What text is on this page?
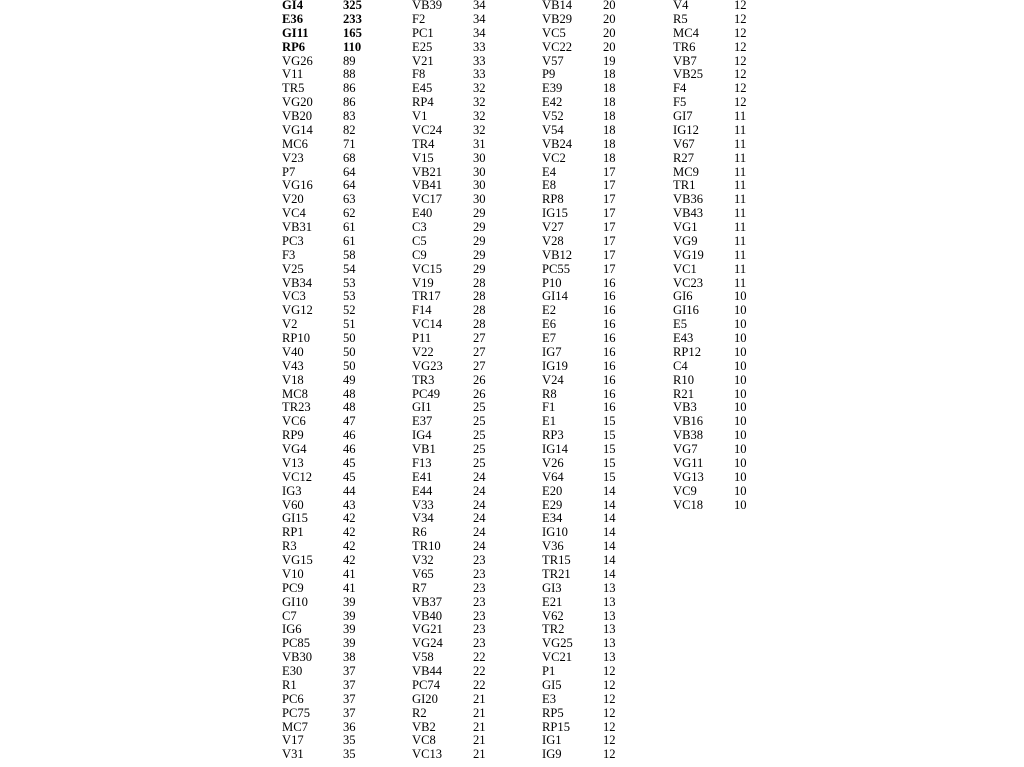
GI4	325
E36	233
GI11	165
RP6	110
VG26 89
V11	88
TR5	86
VG20 86
VB20 83
VG14 82
MC6	71
V23	68
P7	64
VG16 64
V20	63
VC4	62
VB31 61
PC3	61
F3	58
V25	54
VB34 53
VC3	53
VG12 52
V2	51
RP10	50
V40	50
V43	50
V18	49
MC8	48
TR23	48
VC6	47
RP9	46
VG4	46
V13	45
VC12 45
IG3	44
V60	43
GI15	42
RP1	42
R3	42
VG15 42
V10	41
PC9	41
GI10	39
C7	39
IG6	39
PC85	39
VB30 38
E30	37
R1	37
PC6	37
PC75	37
MC7	36
V17	35
V31	35
VB39 34
F2	34
PC1	34
E25	33
V21	33
F8	33
E45	32
RP4	32
V1	32
VC24 32
TR4	31
V15	30
VB21 30
VB41 30
VC17 30
E40	29
C3	29
C5	29
C9	29
VC15 29
V19	28
TR17	28
F14	28
VC14 28
P11	27
V22	27
VG23 27
TR3	26
PC49	26
GI1	25
E37	25
IG4	25
VB1	25
F13	25
E41	24
E44	24
V33	24
V34	24
R6	24
TR10	24
V32	23
V65	23
R7	23
VB37 23
VB40 23
VG21 23
VG24 23
V58	22
VB44 22
PC74	22
GI20	21
R2	21
VB2	21
VC8	21
VC13 21
VB14 20
VB29 20
VC5	20
VC22 20
V57	19
P9	18
E39	18
E42	18
V52	18
V54	18
VB24 18
VC2	18
E4	17
E8	17
RP8	17
IG15	17
V27	17
V28	17
VB12 17
PC55	17
P10	16
GI14	16
E2	16
E6	16
E7	16
IG7	16
IG19	16
V24	16
R8	16
F1	16
E1	15
RP3	15
IG14	15
V26	15
V64	15
E20	14
E29	14
E34	14
IG10	14
V36	14
TR15	14
TR21	14
GI3	13
E21	13
V62	13
TR2	13
VG25 13
VC21 13
P1	12
GI5	12
E3	12
RP5	12
RP15	12
IG1	12
IG9	12
V4	12
R5	12
MC4	12
TR6	12
VB7	12
VB25 12
F4	12
F5	12
GI7	11
IG12	11
V67	11
R27	11
MC9	11
TR1	11
VB36 11
VB43 11
VG1	11
VG9	11
VG19 11
VC1	11
VC23 11
GI6	10
GI16	10
E5	10
E43	10
RP12	10
C4	10
R10	10
R21	10
VB3	10
VB16 10
VB38 10
VG7	10
VG11 10
VG13 10
VC9	10
VC18 10
